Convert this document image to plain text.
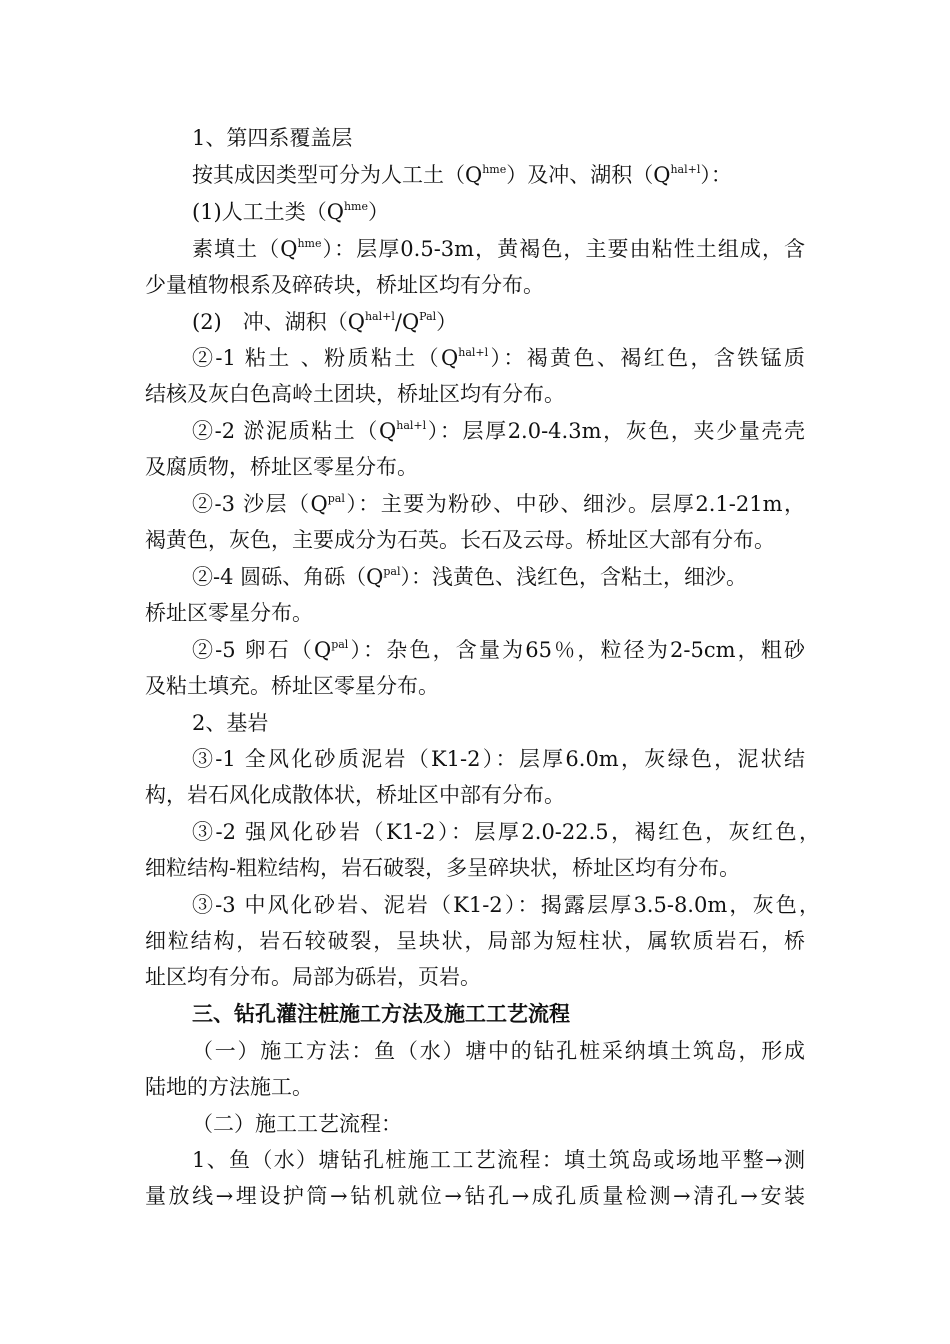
1、第四系覆盖层
按其成因类型可分为人工土$(Q^{hme})$及冲、湖积$(Q^{hal+l})$：
(1)人工土类$(Q^{hme})$
素填土$(Q^{hme})$：层厚0.5-3m，黄褐色，主要由粘性土组成，含
少量植物根系及碎砖块，桥址区均有分布。
(2)　冲、湖积$(Q^{hal+l}/Q^{Pal})$
②-1 粘土 、粉质粘土$(Q^{hal+l})$：褐黄色、褐红色，含铁锰质
结核及灰白色高岭土团块，桥址区均有分布。
②-2 淤泥质粘土$(Q^{hal+l})$：层厚2.0-4.3m，灰色，夹少量壳壳
及腐质物，桥址区零星分布。
②-3 沙层$(Q^{pal})$：主要为粉砂、中砂、细沙。层厚2.1-21m，
褐黄色，灰色，主要成分为石英。长石及云母。桥址区大部有分布。
②-4 圆砾、角砾$(Q^{pal})$：浅黄色、浅红色，含粘土，细沙。
桥址区零星分布。
②-5 卵石$(Q^{pal})$：杂色，含量为65％，粒径为2-5cm，粗砂
及粘土填充。桥址区零星分布。
2、基岩
③-1 全风化砂质泥岩（K1-2）：层厚6.0m，灰绿色，泥状结
构，岩石风化成散体状，桥址区中部有分布。
③-2 强风化砂岩（K1-2）：层厚2.0-22.5，褐红色，灰红色，
细粒结构-粗粒结构，岩石破裂，多呈碎块状，桥址区均有分布。
③-3 中风化砂岩、泥岩（K1-2）：揭露层厚3.5-8.0m，灰色，
细粒结构，岩石较破裂，呈块状，局部为短柱状，属软质岩石，桥
址区均有分布。局部为砾岩，页岩。
三、钻孔灌注桩施工方法及施工工艺流程
（一）施工方法：鱼（水）塘中的钻孔桩采纳填土筑岛，形成
陆地的方法施工。
（二）施工工艺流程：
1、鱼（水）塘钻孔桩施工工艺流程：填土筑岛或场地平整→测
量放线→埋设护筒→钻机就位→钻孔→成孔质量检测→清孔→安装
